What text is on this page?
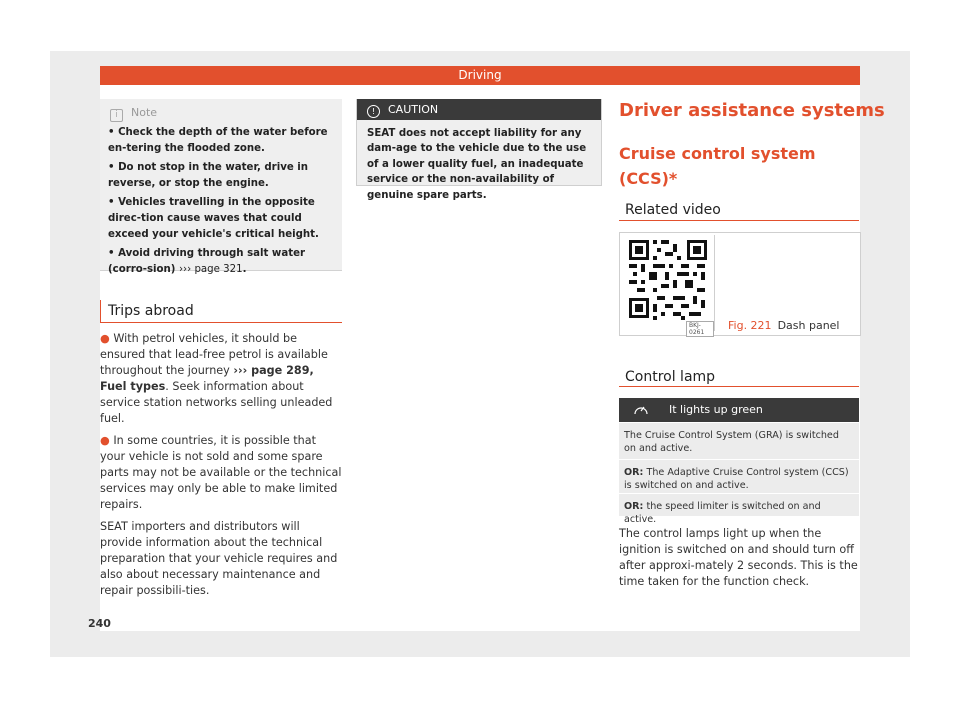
Driving
i Note

• Check the depth of the water before en-tering the flooded zone.

• Do not stop in the water, drive in reverse, or stop the engine.

• Vehicles travelling in the opposite direc-tion cause waves that could exceed your vehicle's critical height.

• Avoid driving through salt water (corro-sion) ››› page 321.

Trips abroad

● With petrol vehicles, it should be ensured that lead-free petrol is available throughout the journey ››› page 289, Fuel types. Seek information about service station networks selling unleaded fuel.

● In some countries, it is possible that your vehicle is not sold and some spare parts may not be available or the technical services may only be able to make limited repairs.

SEAT importers and distributors will provide information about the technical preparation that your vehicle requires and also about necessary maintenance and repair possibili-ties.

! CAUTION
SEAT does not accept liability for any dam-age to the vehicle due to the use of a lower quality fuel, an inadequate service or the non-availability of genuine spare parts.
Driver assistance systems
Cruise control system (CCS)*
Related video
BKJ-0261
Fig. 221 Dash panel
Control lamp
It lights up green
The Cruise Control System (GRA) is switched on and active.
OR: The Adaptive Cruise Control system (CCS) is switched on and active.
OR: the speed limiter is switched on and active.
The control lamps light up when the ignition is switched on and should turn off after approxi-mately 2 seconds. This is the time taken for the function check.
240
